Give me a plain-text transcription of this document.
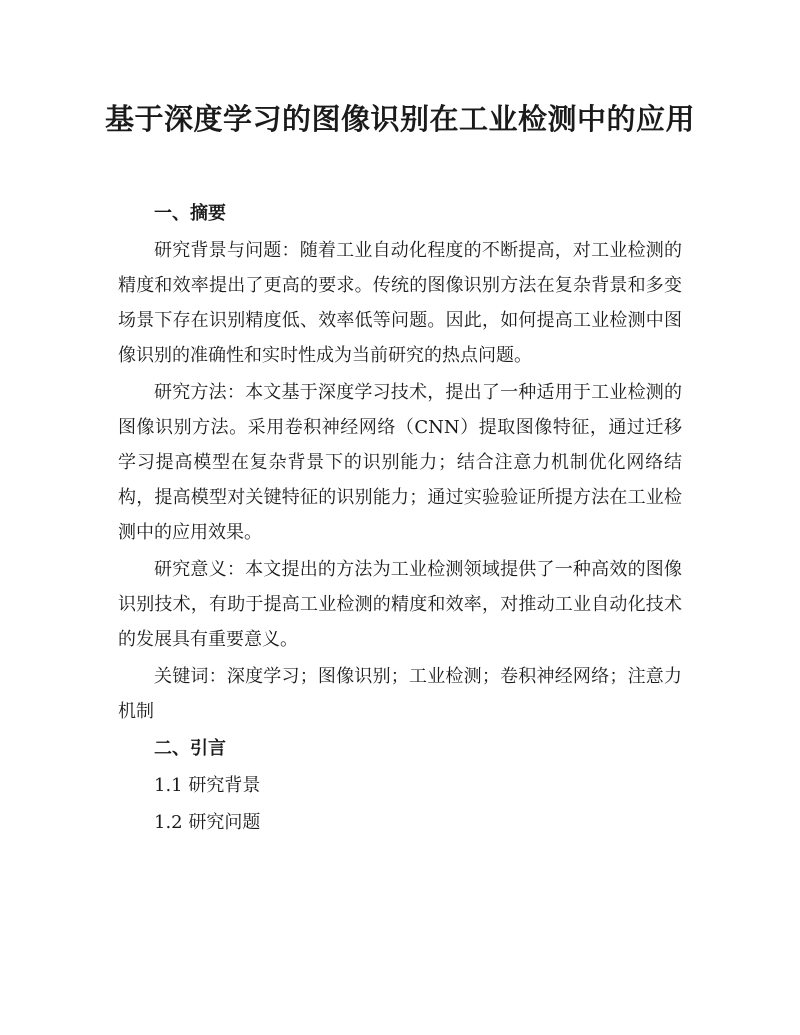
基于深度学习的图像识别在工业检测中的应用

一、摘要

研究背景与问题：随着工业自动化程度的不断提高，对工业检测的精度和效率提出了更高的要求。传统的图像识别方法在复杂背景和多变场景下存在识别精度低、效率低等问题。因此，如何提高工业检测中图像识别的准确性和实时性成为当前研究的热点问题。

研究方法：本文基于深度学习技术，提出了一种适用于工业检测的图像识别方法。采用卷积神经网络（CNN）提取图像特征，通过迁移学习提高模型在复杂背景下的识别能力；结合注意力机制优化网络结构，提高模型对关键特征的识别能力；通过实验验证所提方法在工业检测中的应用效果。

研究意义：本文提出的方法为工业检测领域提供了一种高效的图像识别技术，有助于提高工业检测的精度和效率，对推动工业自动化技术的发展具有重要意义。

关键词：深度学习；图像识别；工业检测；卷积神经网络；注意力机制

二、引言

1.1 研究背景

1.2 研究问题
